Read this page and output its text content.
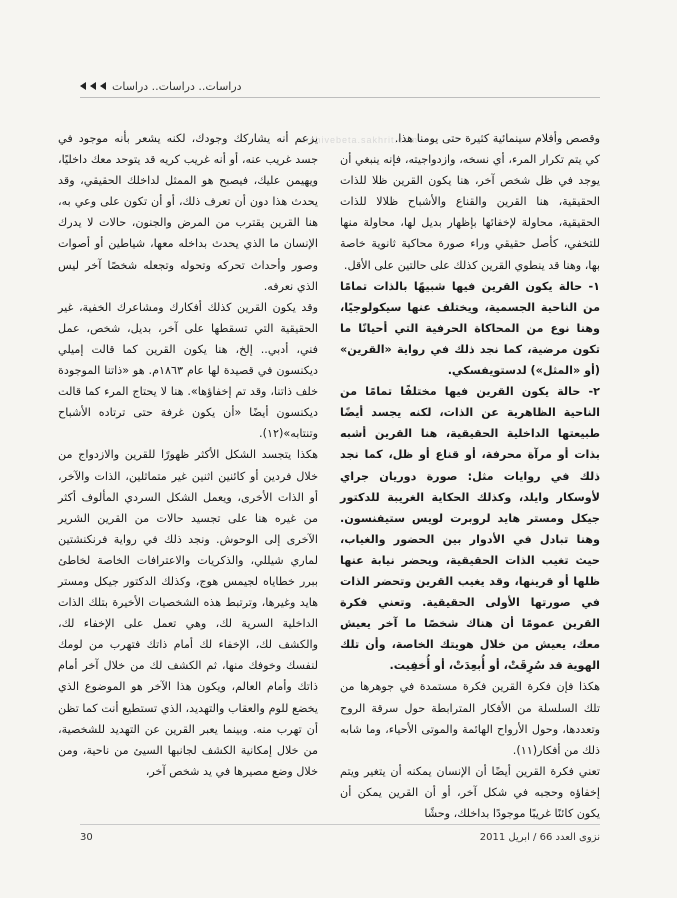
دراسات.. دراسات.. دراسات
archivebeta.sakhrit.com

وقصص وأفلام سينمائية كثيرة حتى يومنا هذا.

كي يتم تكرار المرء، أي نسخه، وازدواجيته، فإنه ينبغي أن يوجد في ظل شخص آخر، هنا يكون القرين ظلا للذات الحقيقية، هنا القرين والقناع والأشباح ظلالا للذات الحقيقية، محاولة لإخفائها بإظهار بديل لها، محاولة منها للتخفي، كأصل حقيقي وراء صورة محاكية ثانوية خاصة بها، وهنا قد ينطوي القرين كذلك على حالتين على الأقل.

١- حالة يكون القرين فيها شبيهًا بالذات تمامًا من الناحية الجسمية، ويختلف عنها سيكولوجيًا، وهنا نوع من المحاكاة الحرفية التي أحيانًا ما تكون مرضية، كما نجد ذلك في رواية «القرين» (أو «المثل») لدستويفسكي.

٢- حالة يكون القرين فيها مختلفًا تمامًا من الناحية الظاهرية عن الذات، لكنه يجسد أيضًا طبيعتها الداخلية الحقيقية، هنا القرين أشبه بذات أو مرآة محرفة، أو قناع أو ظل، كما نجد ذلك في روايات مثل: صورة دوريان جراي لأوسكار وايلد، وكذلك الحكاية الغريبة للدكتور جيكل ومستر هايد لروبرت لويس ستيفنسون. وهنا تبادل في الأدوار بين الحضور والغياب، حيث تغيب الذات الحقيقية، ويحضر نيابة عنها ظلها أو قرينها، وقد يغيب القرين وتحضر الذات في صورتها الأولى الحقيقية. وتعني فكرة القرين عمومًا أن هناك شخصًا ما آخر يعيش معك، يعيش من خلال هويتك الخاصة، وأن تلك الهوية قد سُرِقَتْ، أو أُبعِدَتْ، أو أُخفِيت.

هكذا فإن فكرة القرين فكرة مستمدة في جوهرها من تلك السلسلة من الأفكار المترابطة حول سرقة الروح وتعددها، وحول الأرواح الهائمة والموتى الأحياء، وما شابه ذلك من أفكار(١١).

تعني فكرة القرين أيضًا أن الإنسان يمكنه أن يتغير ويتم إخفاؤه وحجبه في شكل آخر، أو أن القرين يمكن أن يكون كائنًا غريبًا موجودًا بداخلك، وحشًا

يزعم أنه يشاركك وجودك، لكنه يشعر بأنه موجود في جسد غريب عنه، أو أنه غريب كريه قد يتوحد معك داخليًا، ويهيمن عليك، فيصبح هو الممثل لداخلك الحقيقي، وقد يحدث هذا دون أن تعرف ذلك، أو أن تكون على وعي به، هنا القرين يقترب من المرض والجنون، حالات لا يدرك الإنسان ما الذي يحدث بداخله معها، شياطين أو أصوات وصور وأحداث تحركه وتحوله وتجعله شخصًا آخر ليس الذي نعرفه.

وقد يكون القرين كذلك أفكارك ومشاعرك الخفية، غير الحقيقية التي تسقطها على آخر، بديل، شخص، عمل فني، أدبي.. إلخ، هنا يكون القرين كما قالت إميلي ديكنسون في قصيدة لها عام ١٨٦٣م. هو «ذاتنا الموجودة خلف ذاتنا، وقد تم إخفاؤها». هنا لا يحتاج المرء كما قالت ديكنسون أيضًا «أن يكون غرفة حتى ترتاده الأشباح وتنتابه»(١٢).

هكذا يتجسد الشكل الأكثر ظهورًا للقرين والازدواج من خلال فردين أو كائنين اثنين غير متماثلين، الذات والآخر، أو الذات الأخرى، ويعمل الشكل السردي المألوف أكثر من غيره هنا على تجسيد حالات من القرين الشرير الآخرى إلى الوحوش. ونجد ذلك في رواية فرنكنشتين لماري شيللي، والذكريات والاعترافات الخاصة لخاطئ ببرر خطاياه لجيمس هوج، وكذلك الدكتور جيكل ومستر هايد وغيرها، وترتبط هذه الشخصيات الأخيرة بتلك الذات الداخلية السرية لك، وهي تعمل على الإخفاء لك، والكشف لك، الإخفاء لك أمام ذاتك فتهرب من لومك لنفسك وخوفك منها، ثم الكشف لك من خلال آخر أمام ذاتك وأمام العالم، ويكون هذا الآخر هو الموضوع الذي يخضع للوم والعقاب والتهديد، الذي تستطيع أنت كما تظن أن تهرب منه. وبينما يعبر القرين عن التهديد للشخصية، من خلال إمكانية الكشف لجانبها السيئ من ناحية، ومن خلال وضع مصيرها في يد شخص آخر،

30	نزوى العدد 66 / ابريل 2011
